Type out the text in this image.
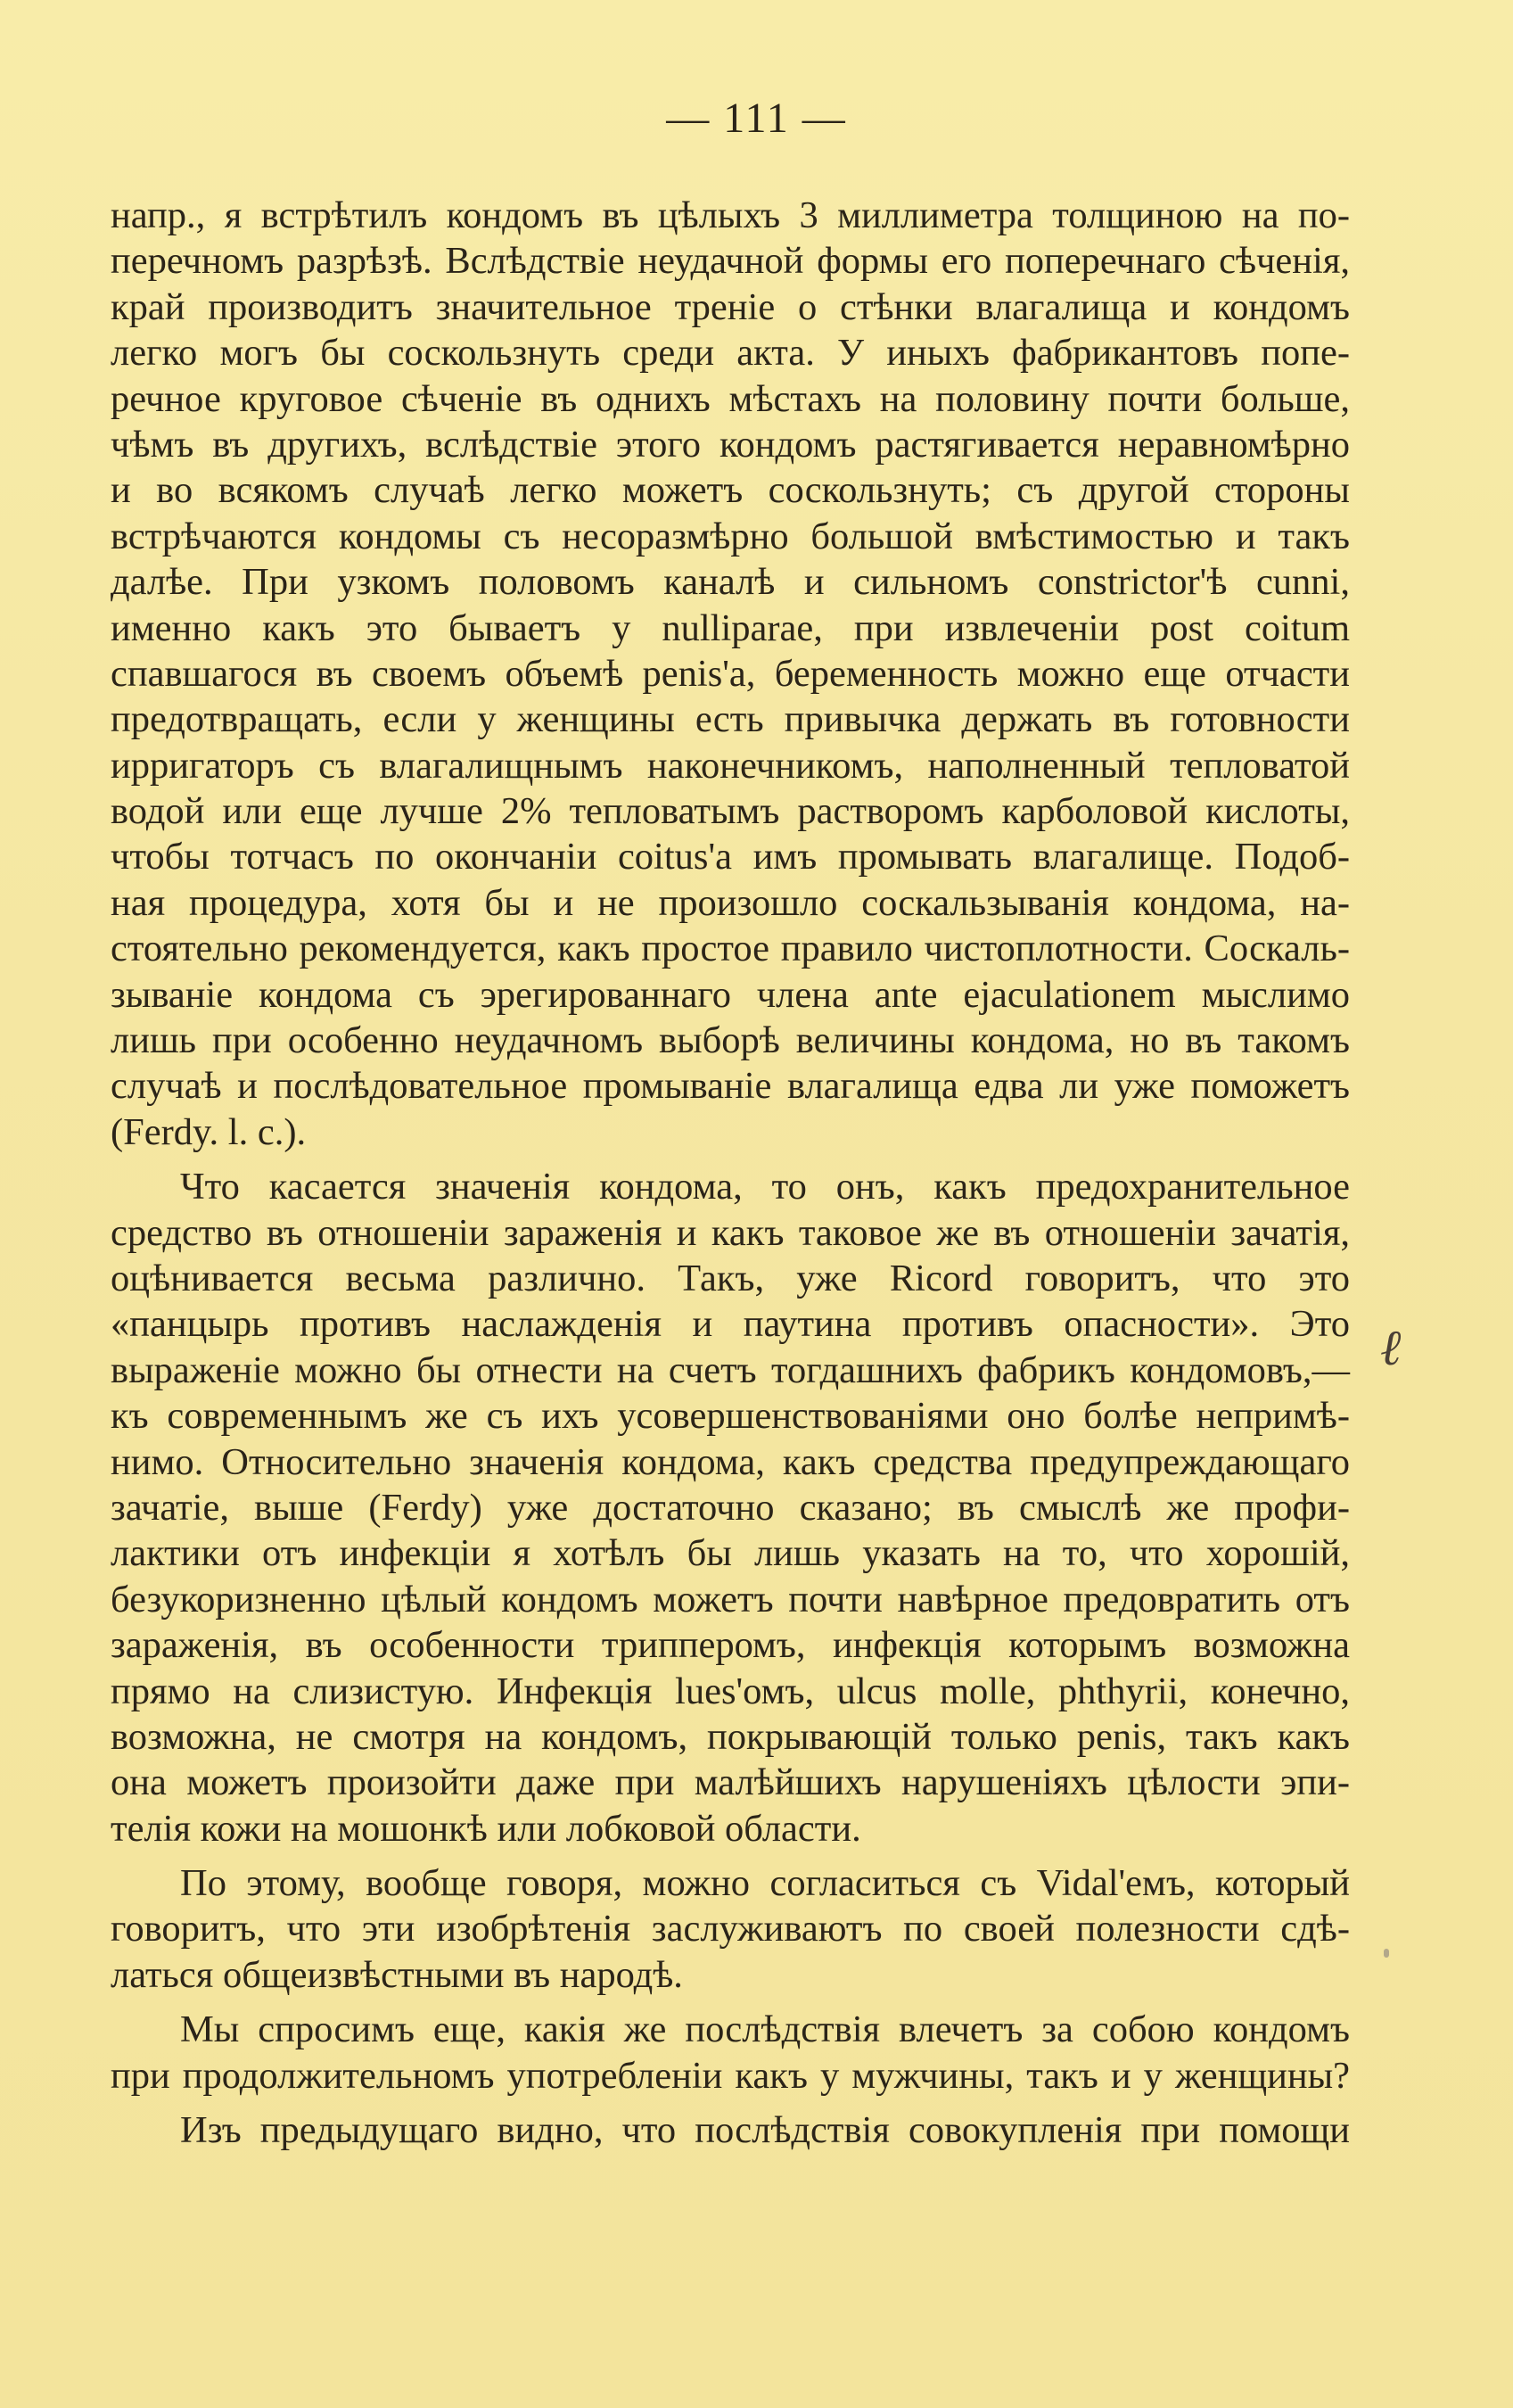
— 111 —
напр., я встрѣтилъ кондомъ въ цѣлыхъ 3 миллиметра толщиною на по-
перечномъ разрѣзѣ. Вслѣдствіе неудачной формы его поперечнаго сѣченія,
край производитъ значительное треніе о стѣнки влагалища и кондомъ
легко могъ бы соскользнуть среди акта. У иныхъ фабрикантовъ попе-
речное круговое сѣченіе въ однихъ мѣстахъ на половину почти больше,
чѣмъ въ другихъ, вслѣдствіе этого кондомъ растягивается неравномѣрно
и во всякомъ случаѣ легко можетъ соскользнуть; съ другой стороны
встрѣчаются кондомы съ несоразмѣрно большой вмѣстимостью и такъ
далѣе. При узкомъ половомъ каналѣ и сильномъ constrictor'ѣ cunni,
именно какъ это бываетъ у nulliparae, при извлеченіи post coitum
спавшагося въ своемъ объемѣ penis'a, беременность можно еще отчасти
предотвращать, если у женщины есть привычка держать въ готовности
ирригаторъ съ влагалищнымъ наконечникомъ, наполненный тепловатой
водой или еще лучше 2% тепловатымъ растворомъ карболовой кислоты,
чтобы тотчасъ по окончаніи coitus'a имъ промывать влагалище. Подоб-
ная процедура, хотя бы и не произошло соскальзыванія кондома, на-
стоятельно рекомендуется, какъ простое правило чистоплотности. Соскаль-
зываніе кондома съ эрегированнаго члена ante ejaculationem мыслимо
лишь при особенно неудачномъ выборѣ величины кондома, но въ такомъ
случаѣ и послѣдовательное промываніе влагалища едва ли уже поможетъ
(Ferdy. l. c.).
Что касается значенія кондома, то онъ, какъ предохранительное
средство въ отношеніи зараженія и какъ таковое же въ отношеніи зачатія,
оцѣнивается весьма различно. Такъ, уже Ricord говоритъ, что это
«панцырь противъ наслажденія и паутина противъ опасности». Это
выраженіе можно бы отнести на счетъ тогдашнихъ фабрикъ кондомовъ,—
къ современнымъ же съ ихъ усовершенствованіями оно болѣе непримѣ-
нимо. Относительно значенія кондома, какъ средства предупреждающаго
зачатіе, выше (Ferdy) уже достаточно сказано; въ смыслѣ же профи-
лактики отъ инфекціи я хотѣлъ бы лишь указать на то, что хорошій,
безукоризненно цѣлый кондомъ можетъ почти навѣрное предовратить отъ
зараженія, въ особенности трипперомъ, инфекція которымъ возможна
прямо на слизистую. Инфекція lues'омъ, ulcus molle, phthyrii, конечно,
возможна, не смотря на кондомъ, покрывающій только penis, такъ какъ
она можетъ произойти даже при малѣйшихъ нарушеніяхъ цѣлости эпи-
телія кожи на мошонкѣ или лобковой области.
По этому, вообще говоря, можно согласиться съ Vidal'емъ, который
говоритъ, что эти изобрѣтенія заслуживаютъ по своей полезности сдѣ-
латься общеизвѣстными въ народѣ.
Мы спросимъ еще, какія же послѣдствія влечетъ за собою кондомъ
при продолжительномъ употребленіи какъ у мужчины, такъ и у женщины?
Изъ предыдущаго видно, что послѣдствія совокупленія при помощи
ℓ
